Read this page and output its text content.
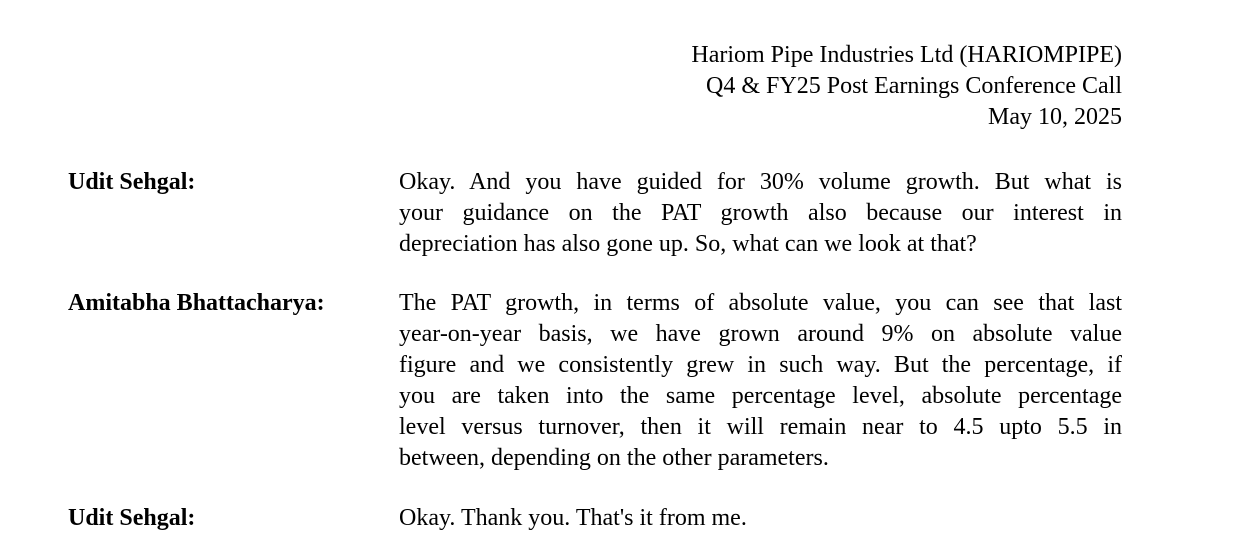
Hariom Pipe Industries Ltd (HARIOMPIPE)
Q4 & FY25 Post Earnings Conference Call
May 10, 2025
Udit Sehgal:	Okay. And you have guided for 30% volume growth. But what is
your guidance on the PAT growth also because our interest in
depreciation has also gone up. So, what can we look at that?
Amitabha Bhattacharya:	The PAT growth, in terms of absolute value, you can see that last
year-on-year basis, we have grown around 9% on absolute value
figure and we consistently grew in such way. But the percentage, if
you are taken into the same percentage level, absolute percentage
level versus turnover, then it will remain near to 4.5 upto 5.5 in
between, depending on the other parameters.
Udit Sehgal:	Okay. Thank you. That's it from me.
